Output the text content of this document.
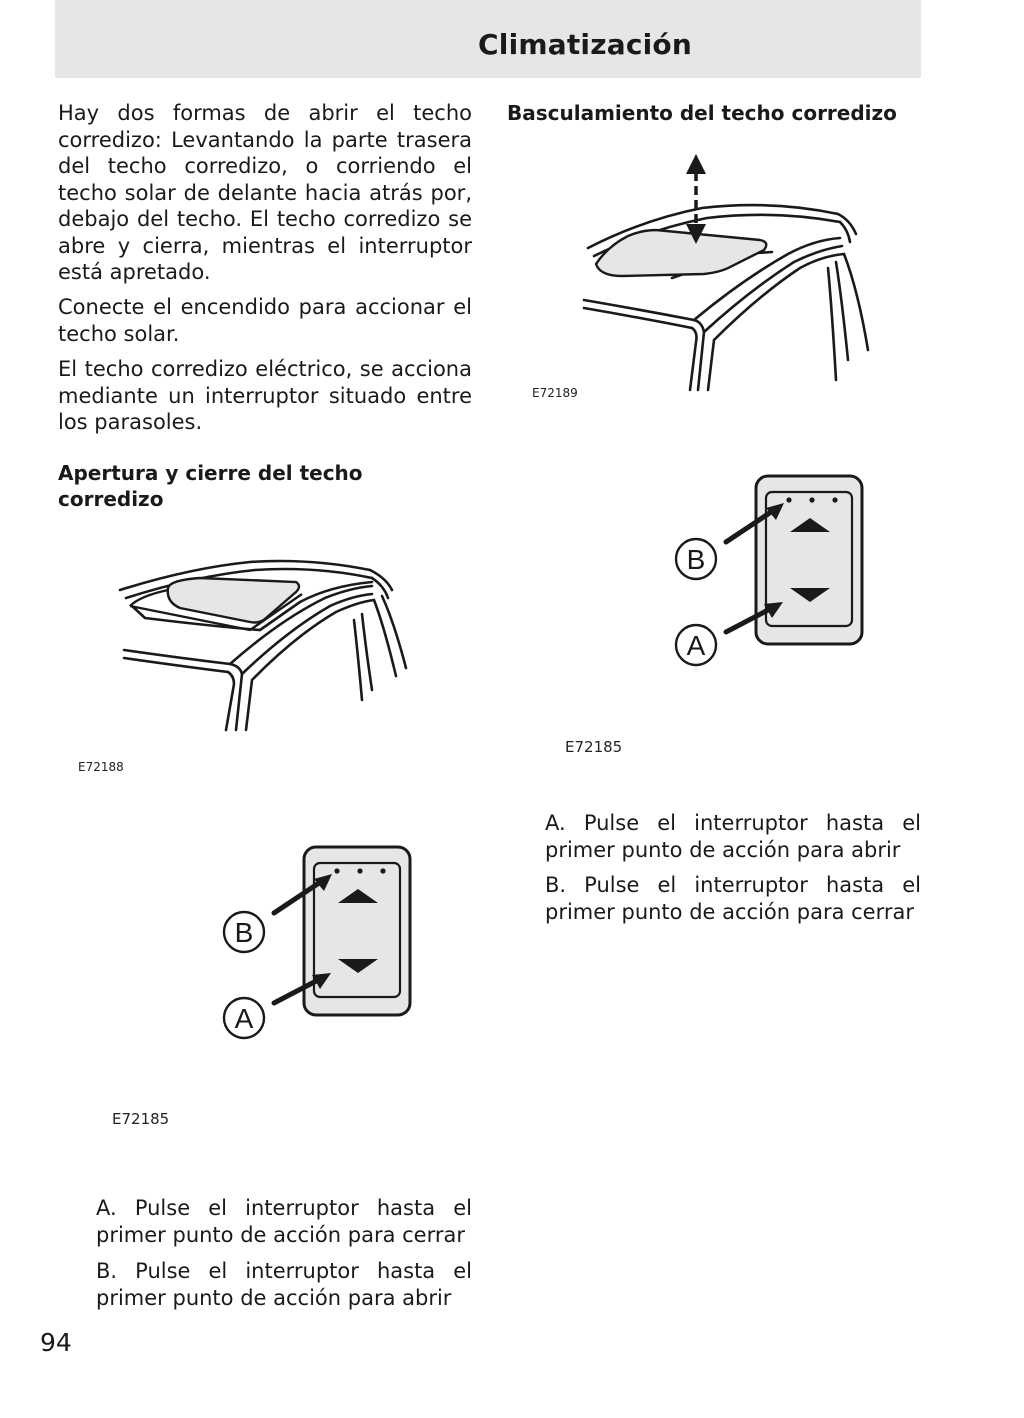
Climatización

Hay dos formas de abrir el techo corredizo: Levantando la parte trasera del techo corredizo, o corriendo el techo solar de delante hacia atrás por, debajo del techo. El techo corredizo se abre y cierra, mientras el interruptor está apretado.

Conecte el encendido para accionar el techo solar.

El techo corredizo eléctrico, se acciona mediante un interruptor situado entre los parasoles.

Apertura y cierre del techo corredizo
Basculamiento del techo corredizo
E72188
B
A
E72185

A. Pulse el interruptor hasta el primer punto de acción para cerrar

B. Pulse el interruptor hasta el primer punto de acción para abrir

E72189
B
A
E72185

A. Pulse el interruptor hasta el primer punto de acción para abrir

B. Pulse el interruptor hasta el primer punto de acción para cerrar

94
